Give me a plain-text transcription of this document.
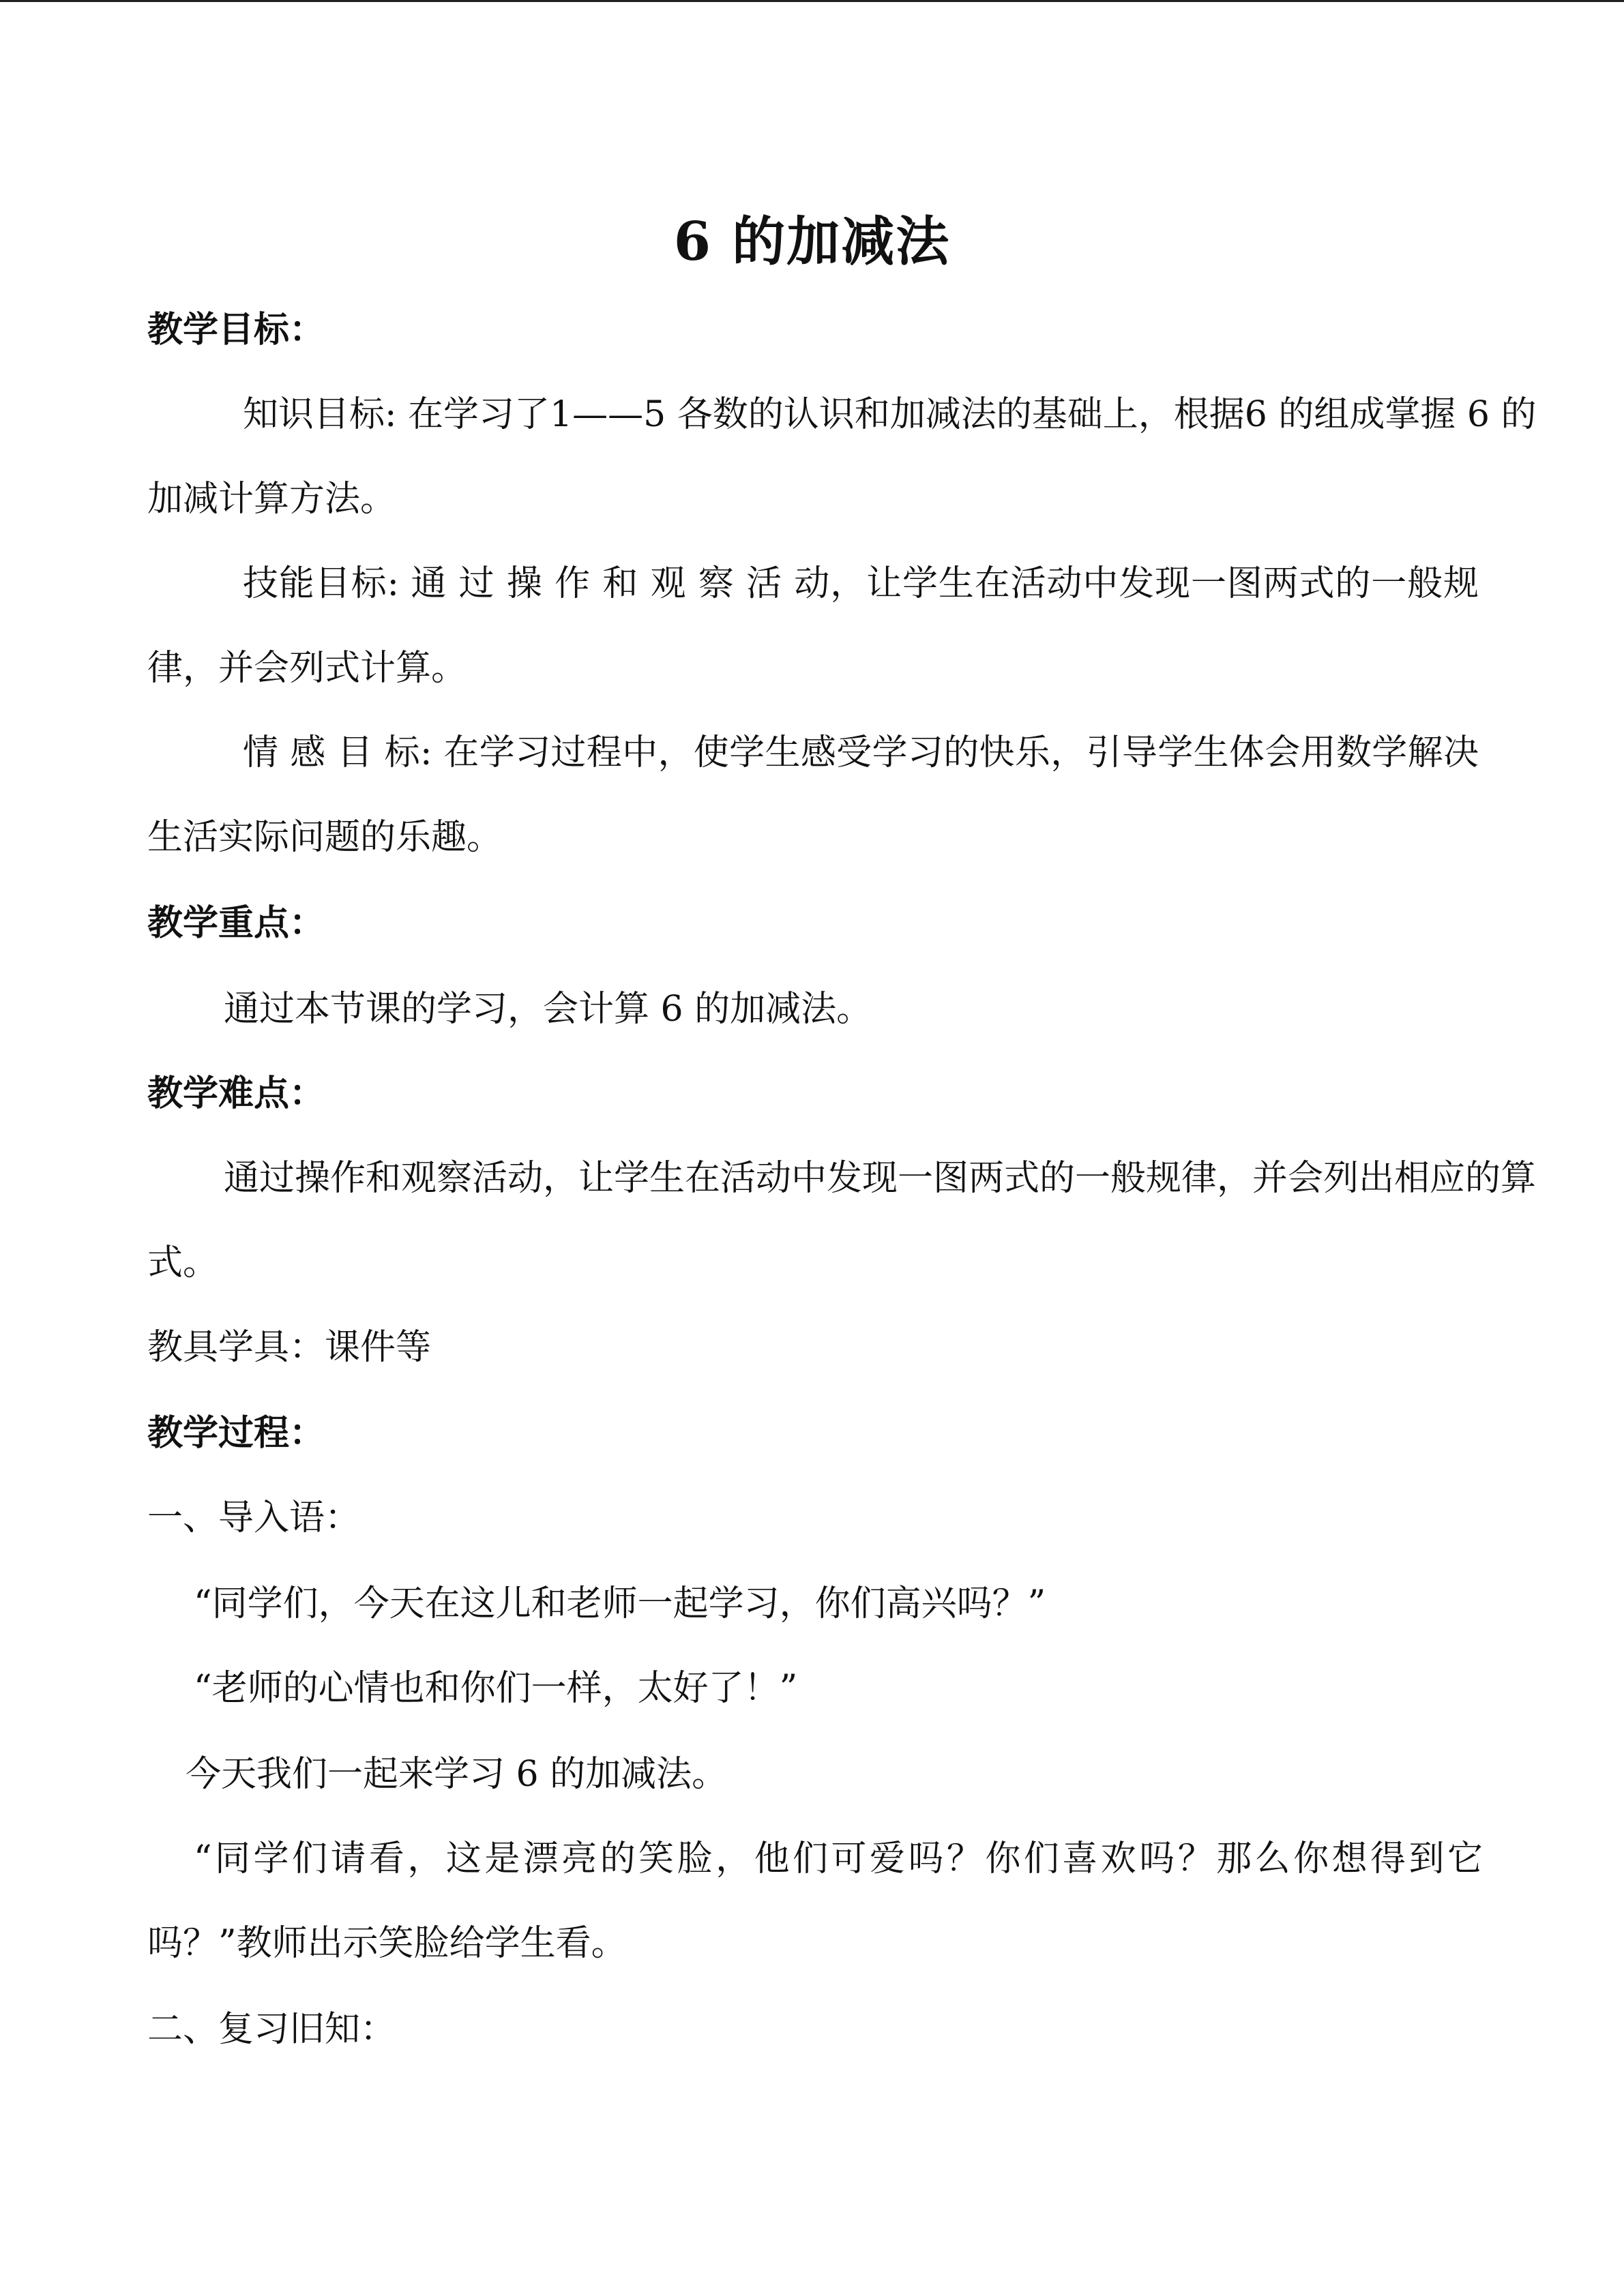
6 的加减法
教学目标：
知识目标: 在学习了1——5 各数的认识和加减法的基础上，根据6 的组成掌握 6 的
加减计算方法。
技能目标: 通 过 操 作 和 观 察 活 动，让学生在活动中发现一图两式的一般规
律，并会列式计算。
情 感 目 标: 在学习过程中，使学生感受学习的快乐，引导学生体会用数学解决
生活实际问题的乐趣。
教学重点：
通过本节课的学习，会计算 6 的加减法。
教学难点：
通过操作和观察活动，让学生在活动中发现一图两式的一般规律，并会列出相应的算
式。
教具学具：课件等
教学过程：
一、导入语：
“同学们，今天在这儿和老师一起学习，你们高兴吗？”
“老师的心情也和你们一样，太好了！”
今天我们一起来学习 6 的加减法。
“同学们请看，这是漂亮的笑脸，他们可爱吗？你们喜欢吗？那么你想得到它
吗？”教师出示笑脸给学生看。
二、复习旧知：
